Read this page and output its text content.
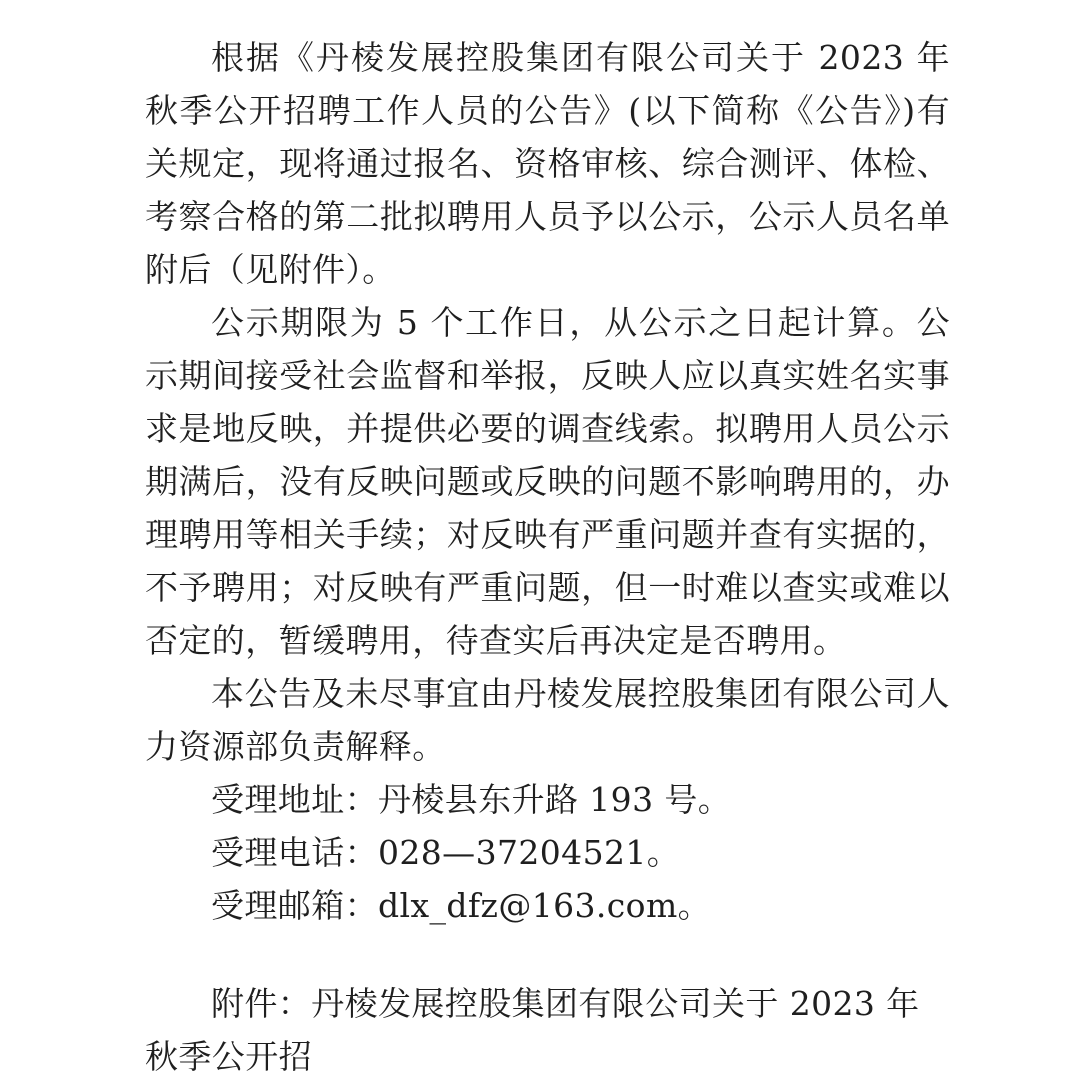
根据《丹棱发展控股集团有限公司关于 2023 年秋季公开招聘工作人员的公告》(以下简称《公告》)有关规定，现将通过报名、资格审核、综合测评、体检、考察合格的第二批拟聘用人员予以公示，公示人员名单附后（见附件）。

公示期限为 5 个工作日，从公示之日起计算。公示期间接受社会监督和举报，反映人应以真实姓名实事求是地反映，并提供必要的调查线索。拟聘用人员公示期满后，没有反映问题或反映的问题不影响聘用的，办理聘用等相关手续；对反映有严重问题并查有实据的，不予聘用；对反映有严重问题，但一时难以查实或难以否定的，暂缓聘用，待查实后再决定是否聘用。

本公告及未尽事宜由丹棱发展控股集团有限公司人力资源部负责解释。

受理地址：丹棱县东升路 193 号。

受理电话：028—37204521。

受理邮箱：dlx_dfz@163.com。

附件：丹棱发展控股集团有限公司关于 2023 年秋季公开招
